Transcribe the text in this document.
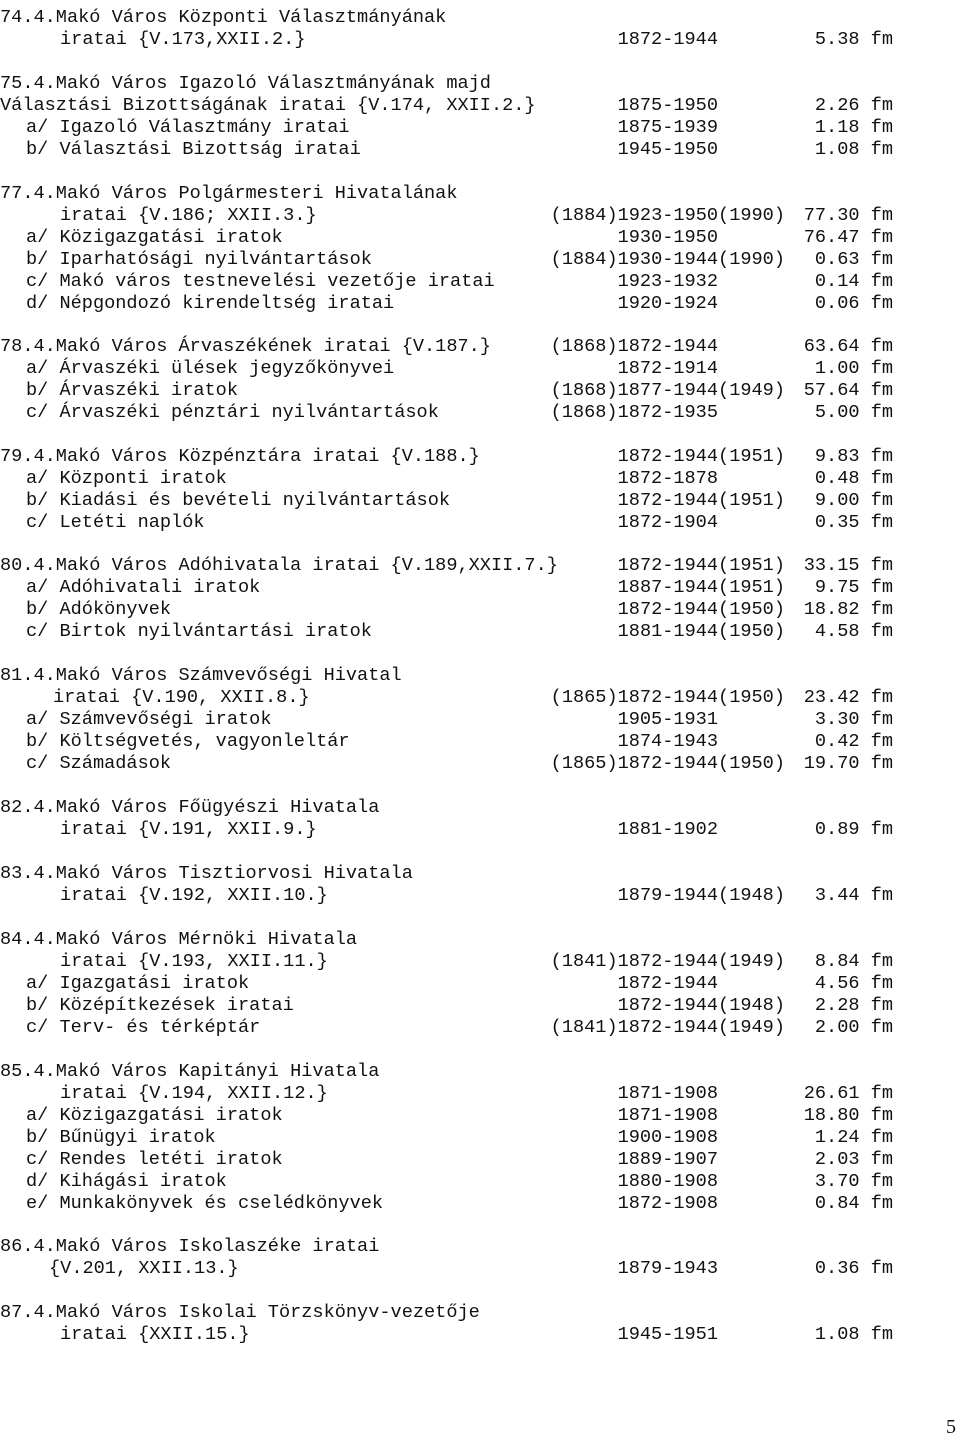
74.4.Makó Város Központi Választmányának
iratai {V.173,XXII.2.}	1872-1944	5.38 fm
75.4.Makó Város Igazoló Választmányának majd
Választási Bizottságának iratai {V.174, XXII.2.}	1875-1950	2.26 fm
a/ Igazoló Választmány iratai	1875-1939	1.18 fm
b/ Választási Bizottság iratai	1945-1950	1.08 fm
77.4.Makó Város Polgármesteri Hivatalának
iratai {V.186; XXII.3.}	(1884)1923-1950(1990) 77.30 fm
a/ Közigazgatási iratok	1930-1950	76.47 fm
b/ Iparhatósági nyilvántartások	(1884)1930-1944(1990) 0.63 fm
c/ Makó város testnevelési vezetője iratai	1923-1932	0.14 fm
d/ Népgondozó kirendeltség iratai	1920-1924	0.06 fm
78.4.Makó Város Árvaszékének iratai {V.187.}	(1868)1872-1944	63.64 fm
a/ Árvaszéki ülések jegyzőkönyvei	1872-1914	1.00 fm
b/ Árvaszéki iratok	(1868)1877-1944(1949) 57.64 fm
c/ Árvaszéki pénztári nyilvántartások	(1868)1872-1935	5.00 fm
79.4.Makó Város Közpénztára iratai {V.188.}	1872-1944(1951) 9.83 fm
a/ Központi iratok	1872-1878	0.48 fm
b/ Kiadási és bevételi nyilvántartások	1872-1944(1951) 9.00 fm
c/ Letéti naplók	1872-1904	0.35 fm
80.4.Makó Város Adóhivatala iratai {V.189,XXII.7.}	1872-1944(1951) 33.15 fm
a/ Adóhivatali iratok	1887-1944(1951) 9.75 fm
b/ Adókönyvek	1872-1944(1950) 18.82 fm
c/ Birtok nyilvántartási iratok	1881-1944(1950) 4.58 fm
81.4.Makó Város Számvevőségi Hivatal
iratai {V.190, XXII.8.}	(1865)1872-1944(1950) 23.42 fm
a/ Számvevőségi iratok	1905-1931	3.30 fm
b/ Költségvetés, vagyonleltár	1874-1943	0.42 fm
c/ Számadások	(1865)1872-1944(1950) 19.70 fm
82.4.Makó Város Főügyészi Hivatala
iratai {V.191, XXII.9.}	1881-1902	0.89 fm
83.4.Makó Város Tisztiorvosi Hivatala
iratai {V.192, XXII.10.}	1879-1944(1948) 3.44 fm
84.4.Makó Város Mérnöki Hivatala
iratai {V.193, XXII.11.}	(1841)1872-1944(1949) 8.84 fm
a/ Igazgatási iratok	1872-1944	4.56 fm
b/ Középítkezések iratai	1872-1944(1948) 2.28 fm
c/ Terv- és térképtár	(1841)1872-1944(1949) 2.00 fm
85.4.Makó Város Kapitányi Hivatala
iratai {V.194, XXII.12.}	1871-1908	26.61 fm
a/ Közigazgatási iratok	1871-1908	18.80 fm
b/ Bűnügyi iratok	1900-1908	1.24 fm
c/ Rendes letéti iratok	1889-1907	2.03 fm
d/ Kihágási iratok	1880-1908	3.70 fm
e/ Munkakönyvek és cselédkönyvek	1872-1908	0.84 fm
86.4.Makó Város Iskolaszéke iratai
{V.201, XXII.13.}	1879-1943	0.36 fm
87.4.Makó Város Iskolai Törzskönyv-vezetője
iratai {XXII.15.}	1945-1951	1.08 fm
5
